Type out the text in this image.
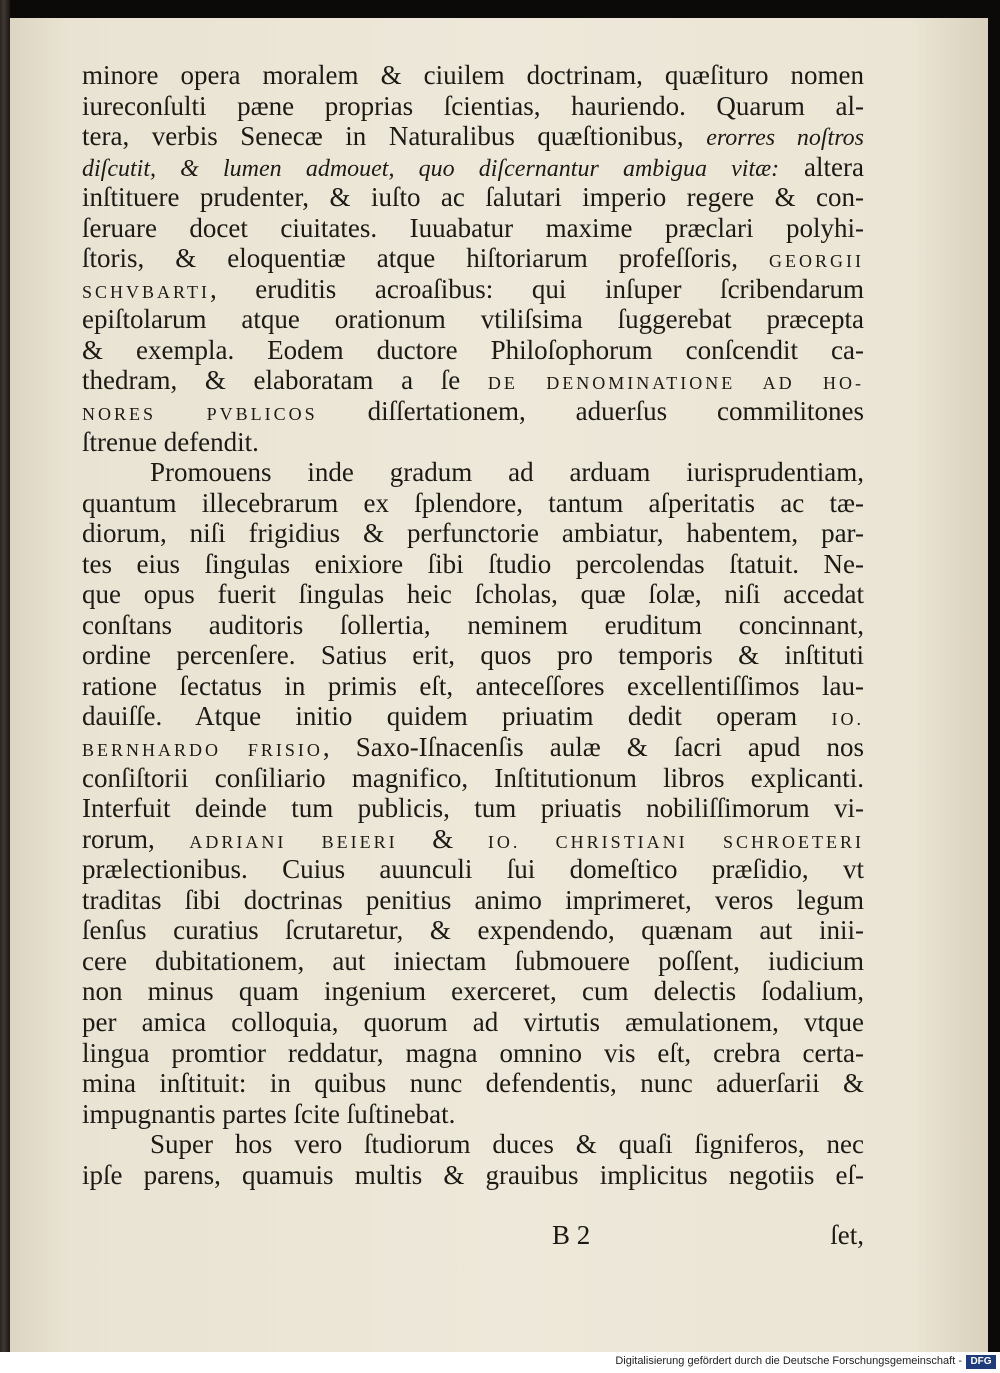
minore opera moralem & ciuilem doctrinam, quæſituro nomen
iureconſulti pæne proprias ſcientias, hauriendo. Quarum al-
tera, verbis Senecæ in Naturalibus quæſtionibus, erorres noſtros
diſcutit, & lumen admouet, quo diſcernantur ambigua vitæ: altera
inſtituere prudenter, & iuſto ac ſalutari imperio regere & con-
ſeruare docet ciuitates. Iuuabatur maxime præclari polyhi-
ſtoris, & eloquentiæ atque hiſtoriarum profeſſoris, GEORGII
SCHVBARTI, eruditis acroaſibus: qui inſuper ſcribendarum
epiſtolarum atque orationum vtiliſsima ſuggerebat præcepta
& exempla. Eodem ductore Philoſophorum conſcendit ca-
thedram, & elaboratam a ſe DE DENOMINATIONE AD HO-
NORES PVBLICOS diſſertationem, aduerſus commilitones
ſtrenue defendit.
Promouens inde gradum ad arduam iurisprudentiam,
quantum illecebrarum ex ſplendore, tantum aſperitatis ac tæ-
diorum, niſi frigidius & perfunctorie ambiatur, habentem, par-
tes eius ſingulas enixiore ſibi ſtudio percolendas ſtatuit. Ne-
que opus fuerit ſingulas heic ſcholas, quæ ſolæ, niſi accedat
conſtans auditoris ſollertia, neminem eruditum concinnant,
ordine percenſere. Satius erit, quos pro temporis & inſtituti
ratione ſectatus in primis eſt, anteceſſores excellentiſſimos lau-
dauiſſe. Atque initio quidem priuatim dedit operam IO.
BERNHARDO FRISIO, Saxo-Iſnacenſis aulæ & ſacri apud nos
conſiſtorii conſiliario magnifico, Inſtitutionum libros explicanti.
Interfuit deinde tum publicis, tum priuatis nobiliſſimorum vi-
rorum, ADRIANI BEIERI & IO. CHRISTIANI SCHROETERI
prælectionibus. Cuius auunculi ſui domeſtico præſidio, vt
traditas ſibi doctrinas penitius animo imprimeret, veros legum
ſenſus curatius ſcrutaretur, & expendendo, quænam aut inii-
cere dubitationem, aut iniectam ſubmouere poſſent, iudicium
non minus quam ingenium exerceret, cum delectis ſodalium,
per amica colloquia, quorum ad virtutis æmulationem, vtque
lingua promtior reddatur, magna omnino vis eſt, crebra certa-
mina inſtituit: in quibus nunc defendentis, nunc aduerſarii &
impugnantis partes ſcite ſuſtinebat.
Super hos vero ſtudiorum duces & quaſi ſigniferos, nec
ipſe parens, quamuis multis & grauibus implicitus negotiis eſ-
B 2	ſet,
Digitalisierung gefördert durch die Deutsche Forschungsgemeinschaft - DFG
